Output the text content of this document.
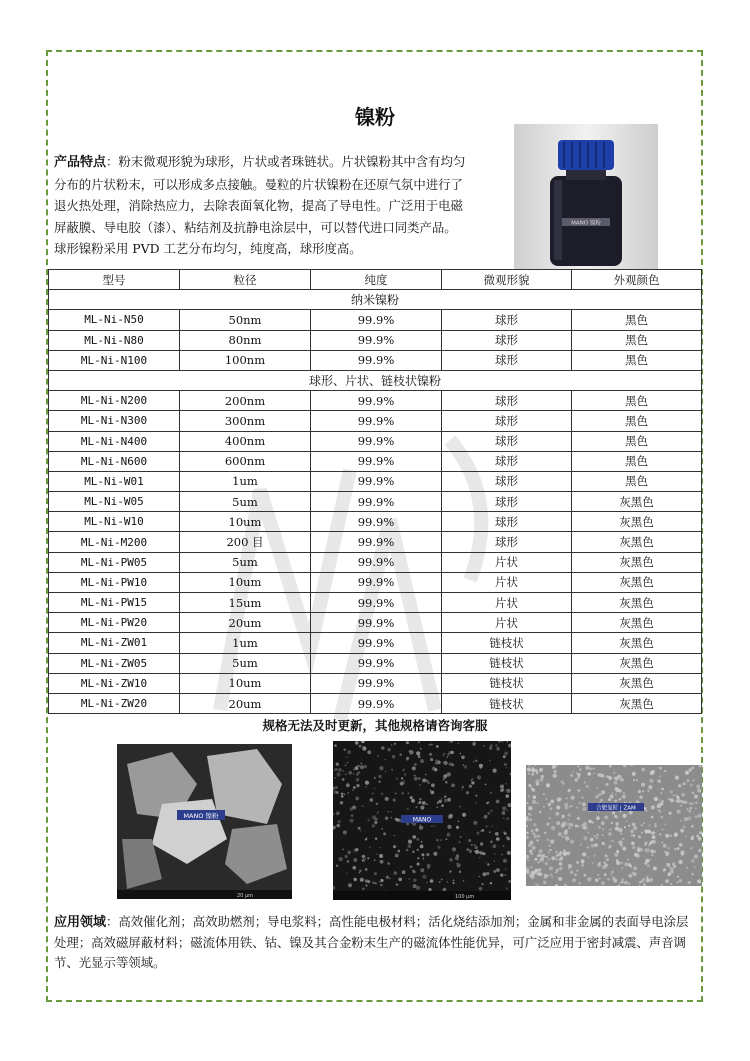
镍粉
产品特点：粉末微观形貌为球形，片状或者珠链状。片状镍粉其中含有均匀分布的片状粉末，可以形成多点接触。曼粒的片状镍粉在还原气氛中进行了退火热处理，消除热应力，去除表面氧化物，提高了导电性。广泛用于电磁屏蔽膜、导电胶（漆）、粘结剂及抗静电涂层中，可以替代进口同类产品。球形镍粉采用 PVD 工艺分布均匀，纯度高，球形度高。
MANO 镍粉
型号	粒径	纯度	微观形貌	外观颜色
纳米镍粉				
ML-Ni-N50	50nm	99.9%	球形	黑色
ML-Ni-N80	80nm	99.9%	球形	黑色
ML-Ni-N100	100nm	99.9%	球形	黑色
球形、片状、链枝状镍粉				
ML-Ni-N200	200nm	99.9%	球形	黑色
ML-Ni-N300	300nm	99.9%	球形	黑色
ML-Ni-N400	400nm	99.9%	球形	黑色
ML-Ni-N600	600nm	99.9%	球形	黑色
ML-Ni-W01	1um	99.9%	球形	黑色
ML-Ni-W05	5um	99.9%	球形	灰黑色
ML-Ni-W10	10um	99.9%	球形	灰黑色
ML-Ni-M200	200 目	99.9%	球形	灰黑色
ML-Ni-PW05	5um	99.9%	片状	灰黑色
ML-Ni-PW10	10um	99.9%	片状	灰黑色
ML-Ni-PW15	15um	99.9%	片状	灰黑色
ML-Ni-PW20	20um	99.9%	片状	灰黑色
ML-Ni-ZW01	1um	99.9%	链枝状	灰黑色
ML-Ni-ZW05	5um	99.9%	链枝状	灰黑色
ML-Ni-ZW10	10um	99.9%	链枝状	灰黑色
ML-Ni-ZW20	20um	99.9%	链枝状	灰黑色
规格无法及时更新，其他规格请咨询客服
MANO 镍粉
20 µm
MANO
100 µm
合肥曼粒 | ZAM
应用领域：高效催化剂；高效助燃剂；导电浆料；高性能电极材料；活化烧结添加剂；金属和非金属的表面导电涂层处理；高效磁屏蔽材料；磁流体用铁、钴、镍及其合金粉末生产的磁流体性能优异，可广泛应用于密封减震、声音调节、光显示等领域。
